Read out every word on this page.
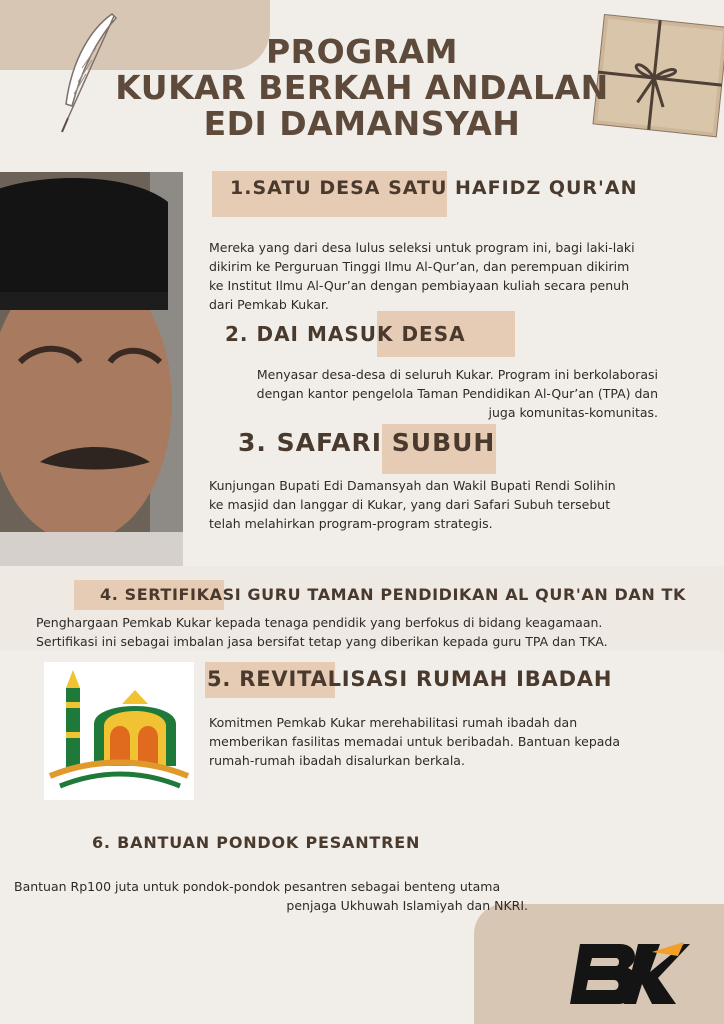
PROGRAM
KUKAR BERKAH ANDALAN
EDI DAMANSYAH
1.SATU DESA SATU HAFIDZ QUR'AN
Mereka yang dari desa lulus seleksi untuk program ini, bagi laki-laki
dikirim ke Perguruan Tinggi Ilmu Al-Qur’an, dan perempuan dikirim
ke Institut Ilmu Al-Qur’an dengan pembiayaan kuliah secara penuh
dari Pemkab Kukar.
2. DAI MASUK DESA
Menyasar desa-desa di seluruh Kukar. Program ini berkolaborasi
dengan kantor pengelola Taman Pendidikan Al-Qur’an (TPA) dan
juga komunitas-komunitas.
3. SAFARI SUBUH
Kunjungan Bupati Edi Damansyah dan Wakil Bupati Rendi Solihin
ke masjid dan langgar di Kukar, yang dari Safari Subuh tersebut
telah melahirkan program-program strategis.
4. SERTIFIKASI GURU TAMAN PENDIDIKAN AL QUR'AN DAN TK
Penghargaan Pemkab Kukar kepada tenaga pendidik yang berfokus di bidang keagamaan.
Sertifikasi ini sebagai imbalan jasa bersifat tetap yang diberikan kepada guru TPA dan TKA.
5. REVITALISASI RUMAH IBADAH
Komitmen Pemkab Kukar merehabilitasi rumah ibadah dan
memberikan fasilitas memadai untuk beribadah. Bantuan kepada
rumah-rumah ibadah disalurkan berkala.
6. BANTUAN PONDOK PESANTREN
Bantuan Rp100 juta untuk pondok-pondok pesantren sebagai benteng utama
penjaga Ukhuwah Islamiyah dan NKRI.
